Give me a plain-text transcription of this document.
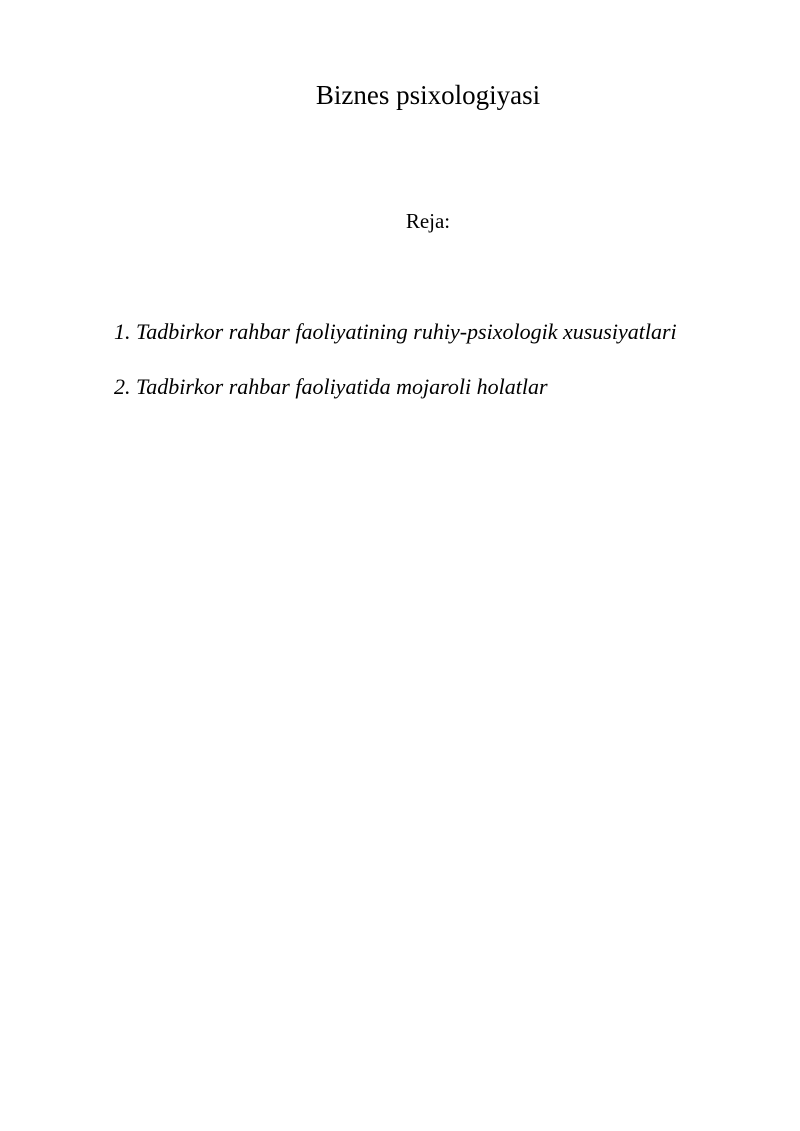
Biznes psixologiyasi
Reja:
1. Tadbirkor rahbar faoliyatining ruhiy-psixologik xususiyatlari
2. Tadbirkor rahbar faoliyatida mojaroli holatlar
